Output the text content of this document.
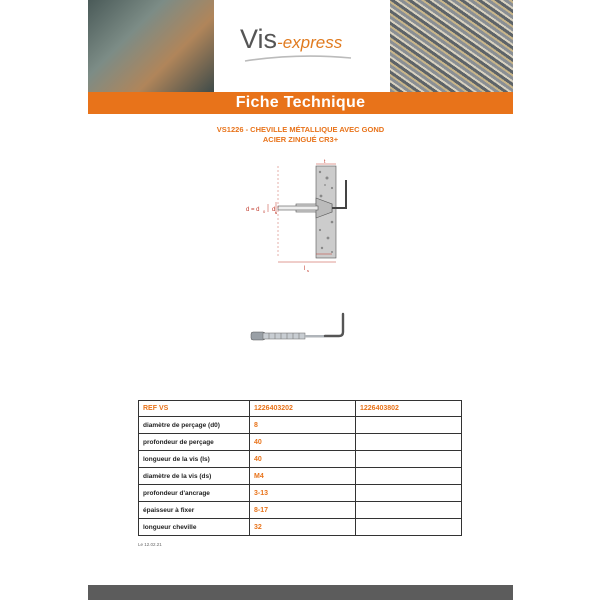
Vis-express
Fiche Technique
VS1226 - CHEVILLE MÉTALLIQUE AVEC GOND
ACIER ZINGUÉ CR3+
d = d 0 d s
t
l s
REF VS	1226403202	1226403802
diamètre de perçage (d0)	8	
profondeur de perçage	40	
longueur de la vis (ls)	40	
diamètre de la vis (ds)	M4	
profondeur d'ancrage	3-13	
épaisseur à fixer	8-17	
longueur cheville	32	
Le 12.02.21
